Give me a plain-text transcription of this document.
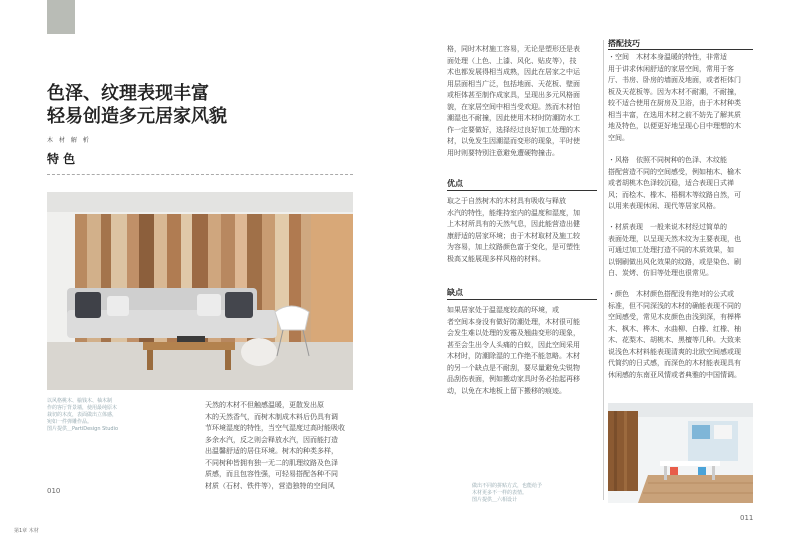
色泽、纹理表现丰富
轻易创造多元居家风貌
木 材 解 析
特 色
以风格桃木、榆钱木、柚木制
作的客厅背景墙，使用最纯原木
栽切的木皮，表面做出立体感，
宛如一件弹雕作品。
图片提供＿PartiDesign Studio
天然的木材不但触感温暖，更散发出原
木的天然香气，而树木制成木料后仍具有调
节环境湿度的特性，当空气湿度过高时能吸收
多余水汽，反之则会释放水汽，因而能打造
出温馨舒适的居住环境。树木的种类多样，
不同树种皆拥有独一无二的肌理纹路及色泽
质感，而且包容性强，可轻易搭配各种不同
材质（石材、铁件等），营造独特的空间风
010
第1章 木材
格，同时木材施工容易，无论是塑形还是表
面处理（上色、上漆、风化、贴皮等），技
术也都发展得相当成熟，因此在居家之中运
用层面相当广泛，包括地面、天花板、壁面
或柜体甚至制作成家具，呈现出多元风格面
貌，在家居空间中相当受欢迎。然而木材怕
潮湿也不耐撞，因此使用木材时防潮防水工
作一定要做好，选择经过良好加工处理的木
材，以免发生因潮湿而变形的现象，平时使
用时则要特别注意避免遭硬物撞击。
优点
取之于自然树木的木材具有吸收与释放
水汽的特性，能维持室内的温度和湿度，加
上木材所具有的天然气息，因此能营造出健
康舒适的居家环境；由于木材取材及施工较
为容易，加上纹路颜色富于变化，是可塑性
极高又能展现多样风格的材料。
缺点
如果居家处于温湿度较高的环境，或
者空间本身没有做好防潮处理，木材很可能
会发生难以处理的发霉及翘曲变形的现象，
甚至会生出令人头痛的白蚁，因此空间采用
木材时，防潮除湿的工作绝不能忽略。木材
的另一个缺点是不耐刮，要尽量避免尖锐物
品刮伤表面，例如搬动家具时务必抬起再移
动，以免在木地板上留下搬移的痕迹。
做出不同的拼贴方式，也能给予
木材更多不一样的表情。
图片提供＿六相设计
搭配技巧
・空间　木材本身温暖的特性，非常适
用于讲求休闲舒适的家居空间，常用于客
厅、书房、卧房的墙面及地面，或者柜体门
板及天花板等。因为木材不耐潮，不耐撞，
较不适合使用在厨房及卫浴，由于木材种类
相当丰富，在选用木材之前不妨先了解其质
地及特色，以便更好地呈现心目中理想的木
空间。
・风格　依照不同树种的色泽、木纹能
搭配营造不同的空间感受，例如柚木、榆木
或者胡桃木色泽较沉稳，适合表现日式禅
风；而桧木、橡木、梧桐木等纹路自然，可
以用来表现休闲、现代等居家风格。
・材质表现　一般来说木材经过简单的
表面处理，以呈现天然木纹为主要表现，也
可通过加工处理打造不同的木质效果，如
以钢刷做出风化效果的纹路，或是染色、刷
白、炭烤、仿旧等处理也很常见。
・颜色　木材颜色搭配没有绝对的公式或
标准，但不同深浅的木材的确能表现不同的
空间感受，常见木皮颜色由浅到深，有榉桦
木、枫木、桦木、水曲柳、白橡、红橡、柚
木、花梨木、胡桃木、黑檀等几种。大致来
说浅色木材料能表现清爽的北欧空间感或现
代简约的日式感，而深色的木材能表现具有
休闲感的东南亚风情或者典雅的中国情调。
011
